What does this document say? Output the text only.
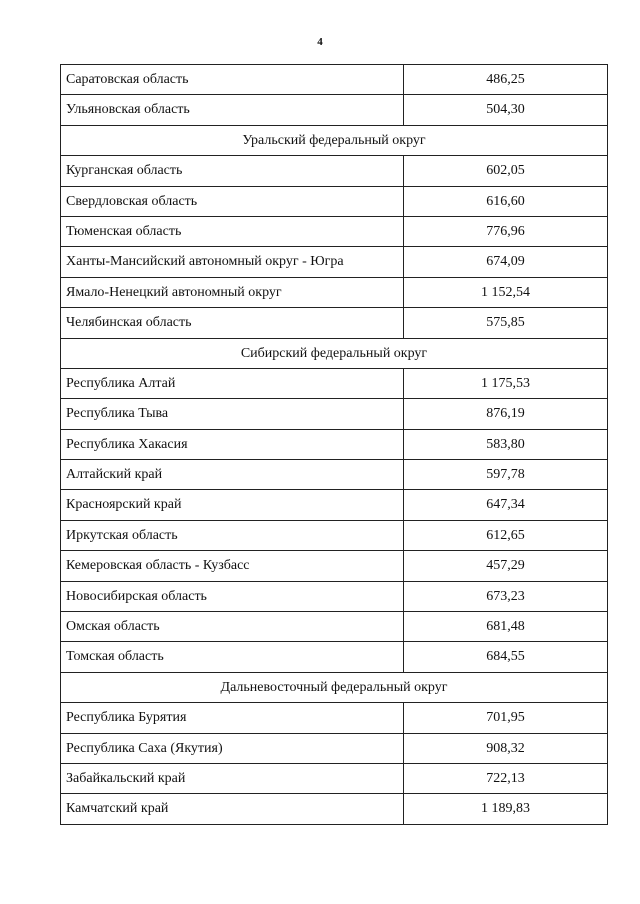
4
Саратовская область	486,25
Ульяновская область	504,30
Уральский федеральный округ	
Курганская область	602,05
Свердловская область	616,60
Тюменская область	776,96
Ханты-Мансийский автономный округ - Югра	674,09
Ямало-Ненецкий автономный округ	1 152,54
Челябинская область	575,85
Сибирский федеральный округ	
Республика Алтай	1 175,53
Республика Тыва	876,19
Республика Хакасия	583,80
Алтайский край	597,78
Красноярский край	647,34
Иркутская область	612,65
Кемеровская область - Кузбасс	457,29
Новосибирская область	673,23
Омская область	681,48
Томская область	684,55
Дальневосточный федеральный округ	
Республика Бурятия	701,95
Республика Саха (Якутия)	908,32
Забайкальский край	722,13
Камчатский край	1 189,83
